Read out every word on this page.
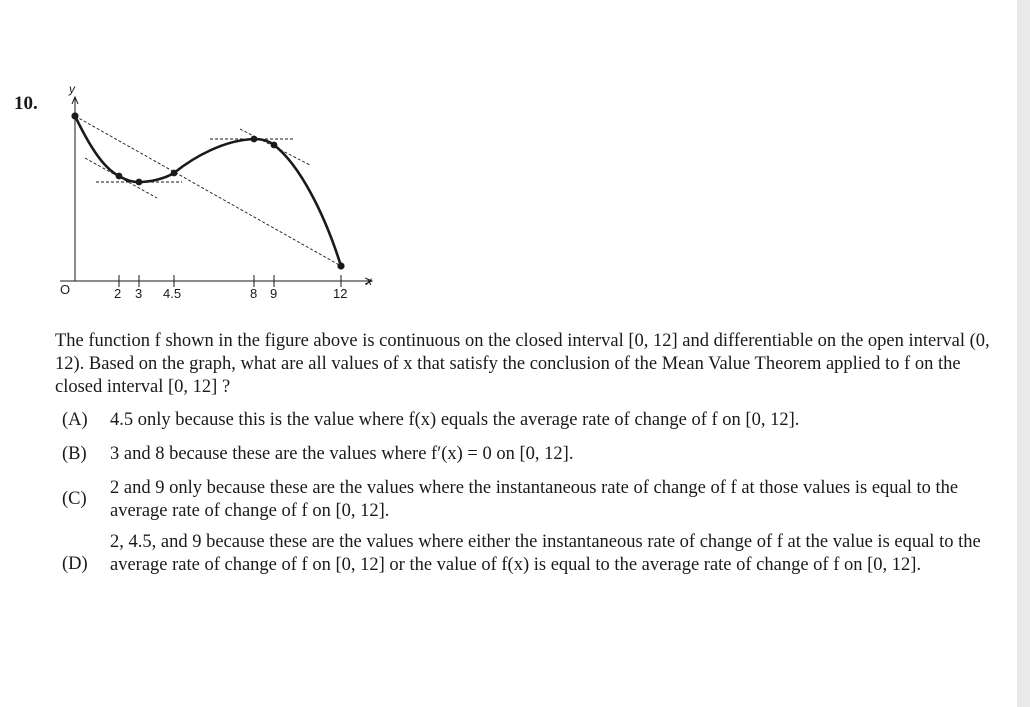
10.
y
x
O	2 3 4.5	8 9	12
The function f shown in the figure above is continuous on the closed interval [0, 12] and differentiable on the open interval (0, 12). Based on the graph, what are all values of x that satisfy the conclusion of the Mean Value Theorem applied to f on the closed interval [0, 12] ?
(A) 4.5 only because this is the value where f(x) equals the average rate of change of f on [0, 12].
(B) 3 and 8 because these are the values where f′(x) = 0 on [0, 12].
(C)
2 and 9 only because these are the values where the instantaneous rate of change of f at those values is equal to the average rate of change of f on [0, 12].
(D)
2, 4.5, and 9 because these are the values where either the instantaneous rate of change of f at the value is equal to the average rate of change of f on [0, 12] or the value of f(x) is equal to the average rate of change of f on [0, 12].
